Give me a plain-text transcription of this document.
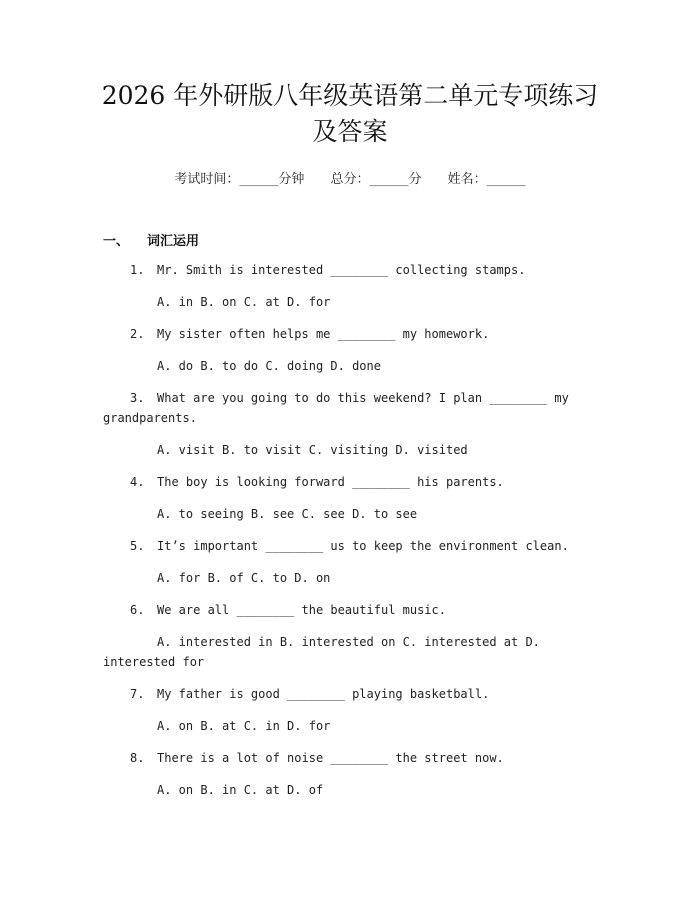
2026 年外研版八年级英语第二单元专项练习
及答案
考试时间：______分钟 总分：______分 姓名：______
一、 词汇运用
1. Mr. Smith is interested ________ collecting stamps.
A. in B. on C. at D. for
2. My sister often helps me ________ my homework.
A. do B. to do C. doing D. done
3. What are you going to do this weekend? I plan ________ my grandparents.
A. visit B. to visit C. visiting D. visited
4. The boy is looking forward ________ his parents.
A. to seeing B. see C. see D. to see
5. It’s important ________ us to keep the environment clean.
A. for B. of C. to D. on
6. We are all ________ the beautiful music.
A. interested in B. interested on C. interested at D. interested for
7. My father is good ________ playing basketball.
A. on B. at C. in D. for
8. There is a lot of noise ________ the street now.
A. on B. in C. at D. of
